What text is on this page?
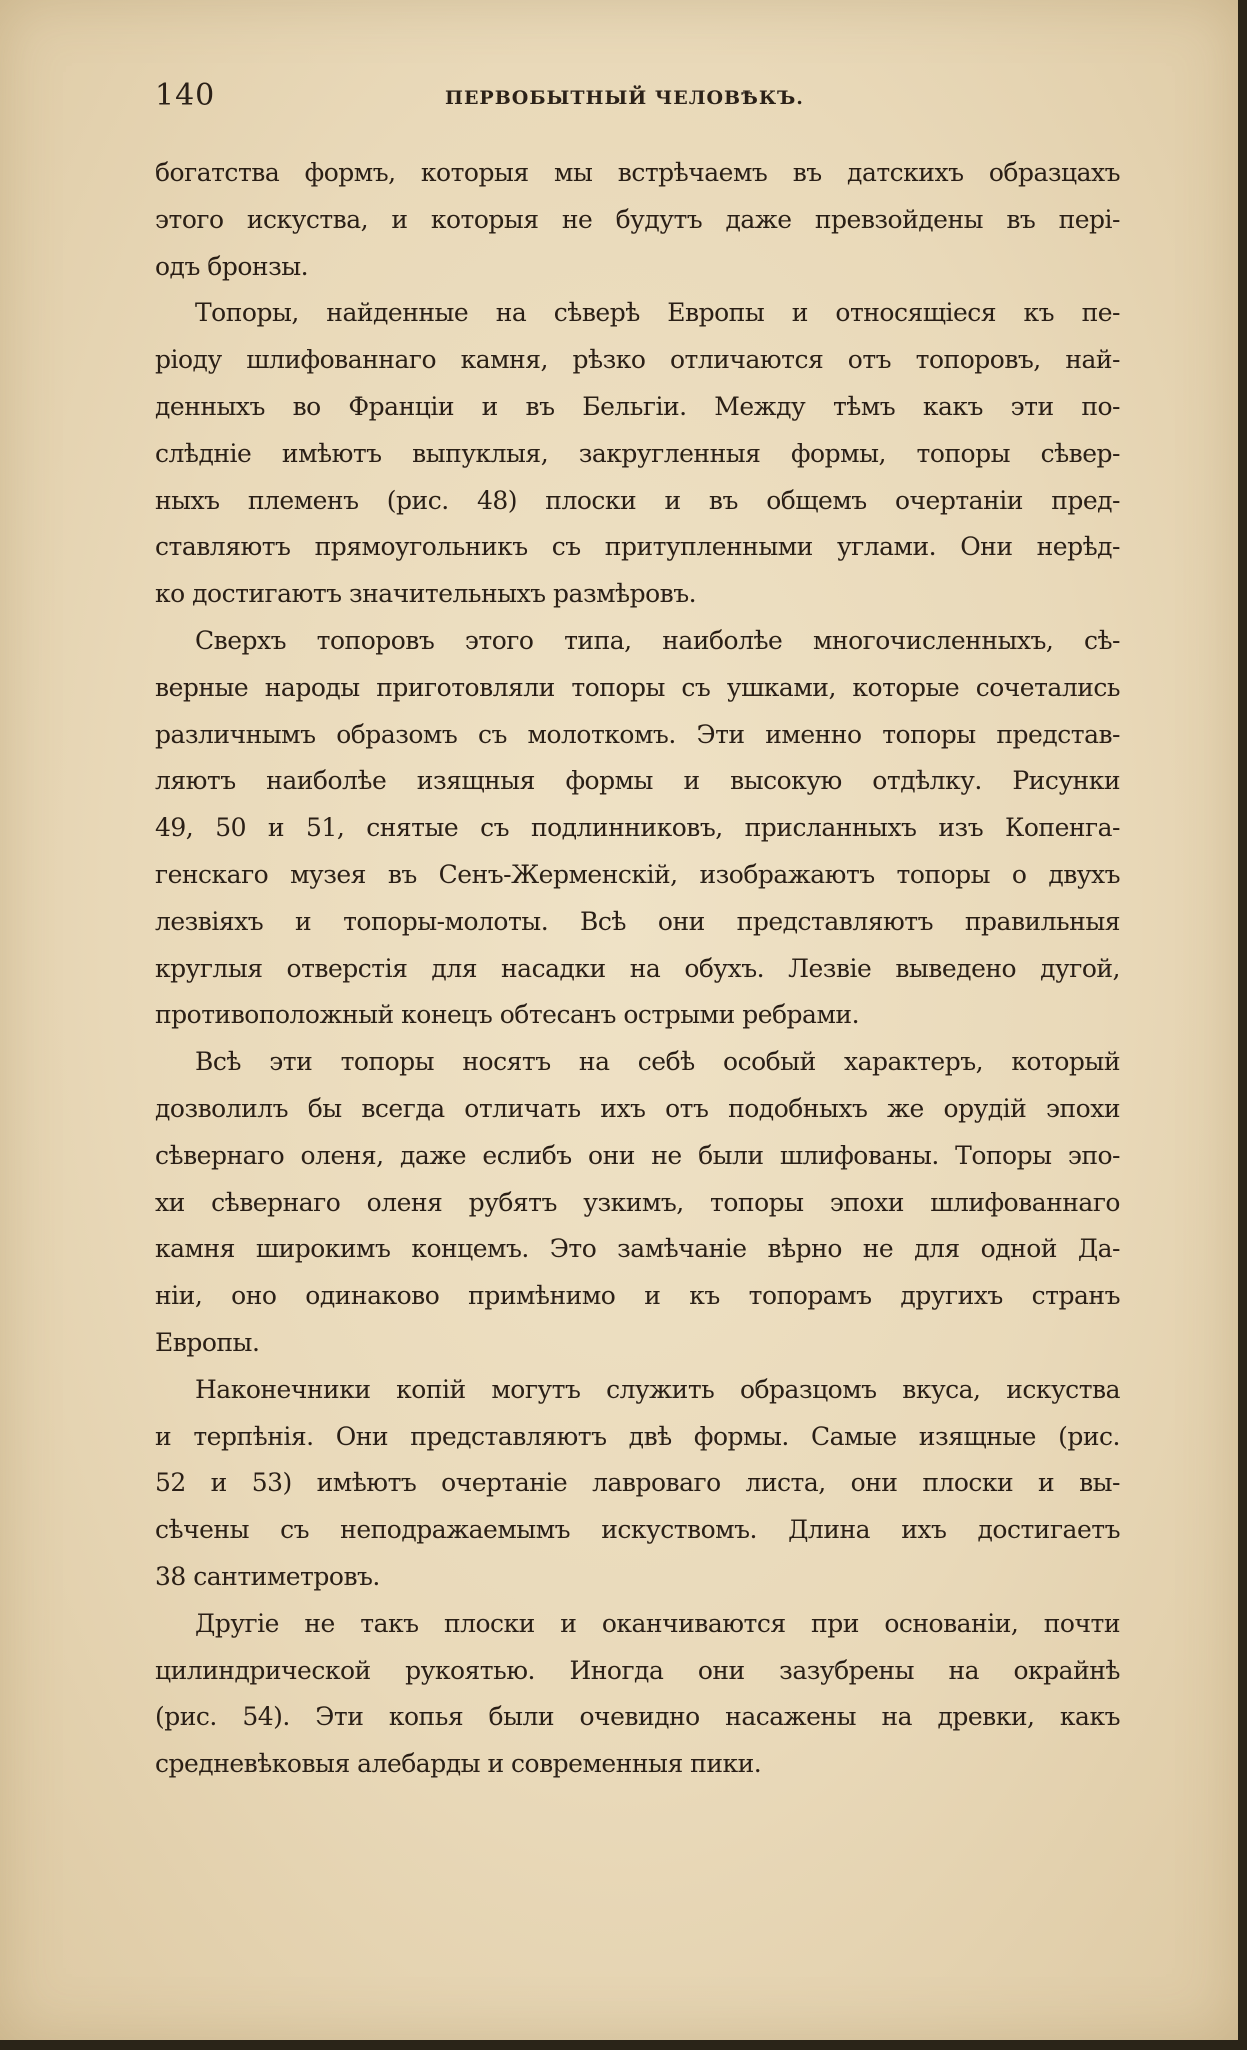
140	ПЕРВОБЫТНЫЙ ЧЕЛОВѢКЪ.
богатства формъ, которыя мы встрѣчаемъ въ датскихъ образцахъ
этого искуства, и которыя не будутъ даже превзойдены въ пері-
одъ бронзы.
Топоры, найденные на сѣверѣ Европы и относящіеся къ пе-
ріоду шлифованнаго камня, рѣзко отличаются отъ топоровъ, най-
денныхъ во Франціи и въ Бельгіи. Между тѣмъ какъ эти по-
слѣдніе имѣютъ выпуклыя, закругленныя формы, топоры сѣвер-
ныхъ племенъ (рис. 48) плоски и въ общемъ очертаніи пред-
ставляютъ прямоугольникъ съ притупленными углами. Они нерѣд-
ко достигаютъ значительныхъ размѣровъ.
Сверхъ топоровъ этого типа, наиболѣе многочисленныхъ, сѣ-
верные народы приготовляли топоры съ ушками, которые сочетались
различнымъ образомъ съ молоткомъ. Эти именно топоры представ-
ляютъ наиболѣе изящныя формы и высокую отдѣлку. Рисунки
49, 50 и 51, снятые съ подлинниковъ, присланныхъ изъ Копенга-
генскаго музея въ Сенъ-Жерменскій, изображаютъ топоры о двухъ
лезвіяхъ и топоры-молоты. Всѣ они представляютъ правильныя
круглыя отверстія для насадки на обухъ. Лезвіе выведено дугой,
противоположный конецъ обтесанъ острыми ребрами.
Всѣ эти топоры носятъ на себѣ особый характеръ, который
дозволилъ бы всегда отличать ихъ отъ подобныхъ же орудій эпохи
сѣвернаго оленя, даже еслибъ они не были шлифованы. Топоры эпо-
хи сѣвернаго оленя рубятъ узкимъ, топоры эпохи шлифованнаго
камня широкимъ концемъ. Это замѣчаніе вѣрно не для одной Да-
ніи, оно одинаково примѣнимо и къ топорамъ другихъ странъ
Европы.
Наконечники копій могутъ служить образцомъ вкуса, искуства
и терпѣнія. Они представляютъ двѣ формы. Самые изящные (рис.
52 и 53) имѣютъ очертаніе лавроваго листа, они плоски и вы-
сѣчены съ неподражаемымъ искуствомъ. Длина ихъ достигаетъ
38 сантиметровъ.
Другіе не такъ плоски и оканчиваются при основаніи, почти
цилиндрической рукоятью. Иногда они зазубрены на окрайнѣ
(рис. 54). Эти копья были очевидно насажены на древки, какъ
средневѣковыя алебарды и современныя пики.
